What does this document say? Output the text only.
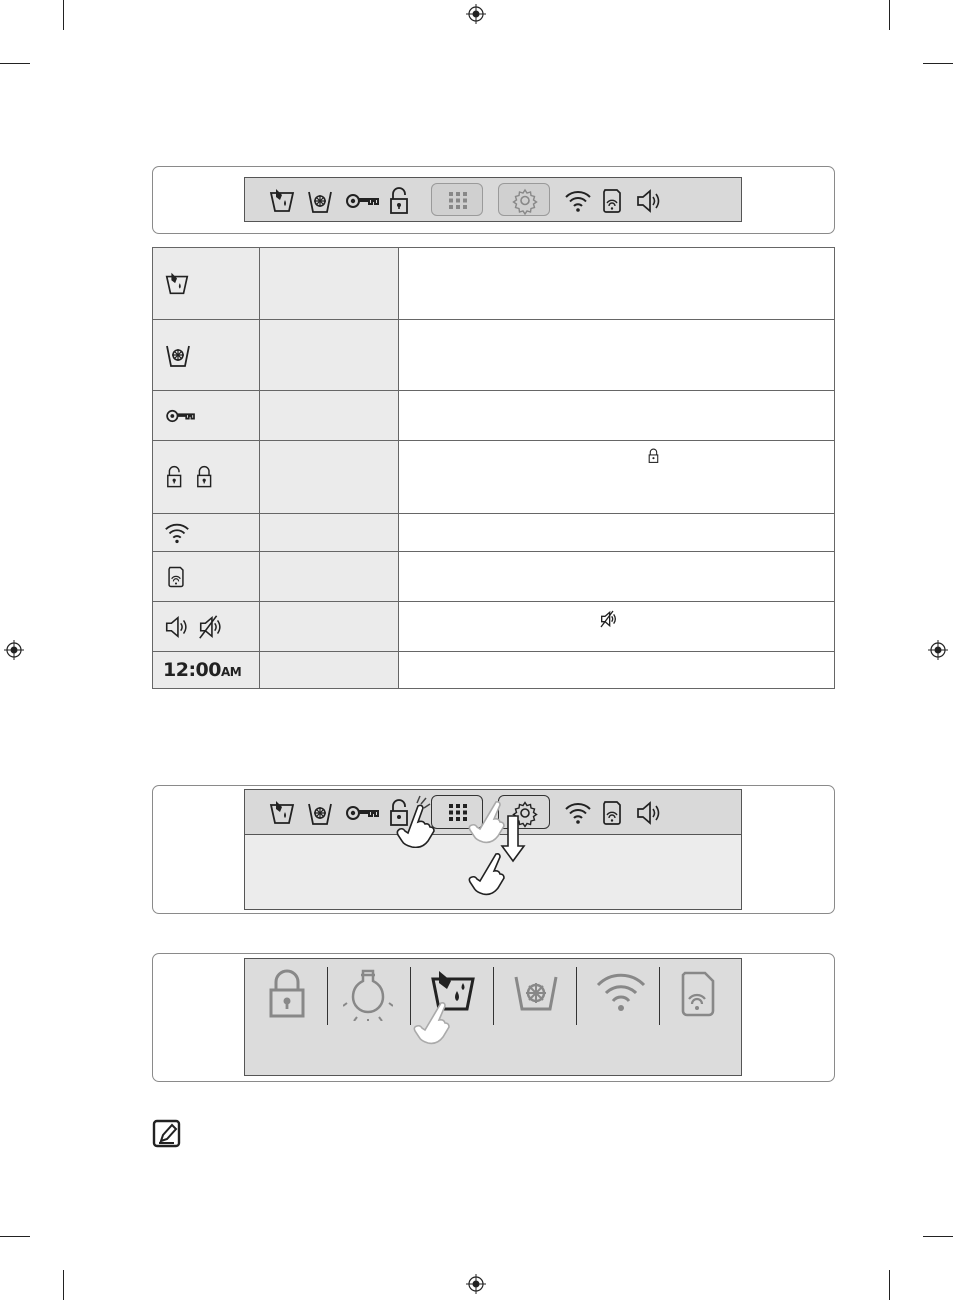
12:00AM		
